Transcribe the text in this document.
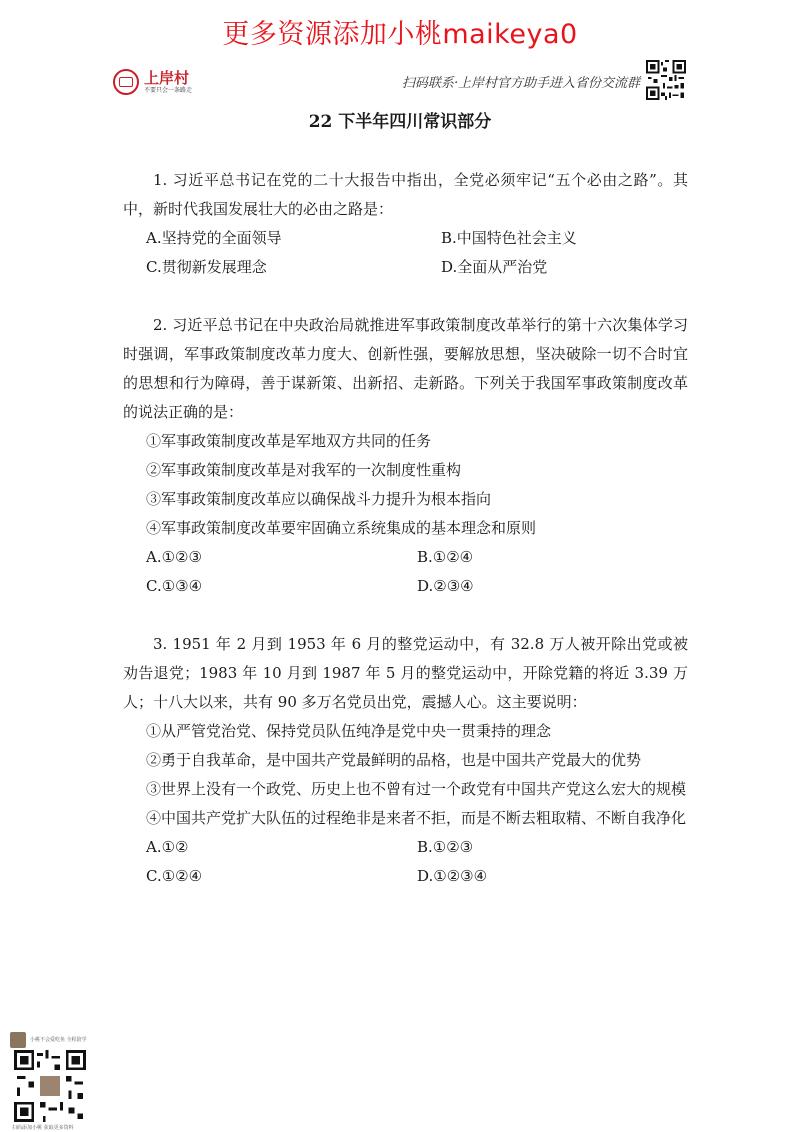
更多资源添加小桃maikeya0
上岸村
不要只会一条路走	扫码联系·上岸村官方助手进入省份交流群
22 下半年四川常识部分

1. 习近平总书记在党的二十大报告中指出，全党必须牢记“五个必由之路”。其中，新时代我国发展壮大的必由之路是：

A.坚持党的全面领导	B.中国特色社会主义
C.贯彻新发展理念	D.全面从严治党

2. 习近平总书记在中央政治局就推进军事政策制度改革举行的第十六次集体学习时强调，军事政策制度改革力度大、创新性强，要解放思想，坚决破除一切不合时宜的思想和行为障碍，善于谋新策、出新招、走新路。下列关于我国军事政策制度改革的说法正确的是：

①军事政策制度改革是军地双方共同的任务

②军事政策制度改革是对我军的一次制度性重构

③军事政策制度改革应以确保战斗力提升为根本指向

④军事政策制度改革要牢固确立系统集成的基本理念和原则

A.①②③	B.①②④
C.①③④	D.②③④

3. 1951 年 2 月到 1953 年 6 月的整党运动中，有 32.8 万人被开除出党或被劝告退党；1983 年 10 月到 1987 年 5 月的整党运动中，开除党籍的将近 3.39 万人；十八大以来，共有 90 多万名党员出党，震撼人心。这主要说明：

①从严管党治党、保持党员队伍纯净是党中央一贯秉持的理念

②勇于自我革命，是中国共产党最鲜明的品格，也是中国共产党最大的优势

③世界上没有一个政党、历史上也不曾有过一个政党有中国共产党这么宏大的规模

④中国共产党扩大队伍的过程绝非是来者不拒，而是不断去粗取精、不断自我净化

A.①②	B.①②③
C.①②④	D.①②③④
小桃不会爱吃鱼 全程陪学
扫码添加小桃 获取更多资料
